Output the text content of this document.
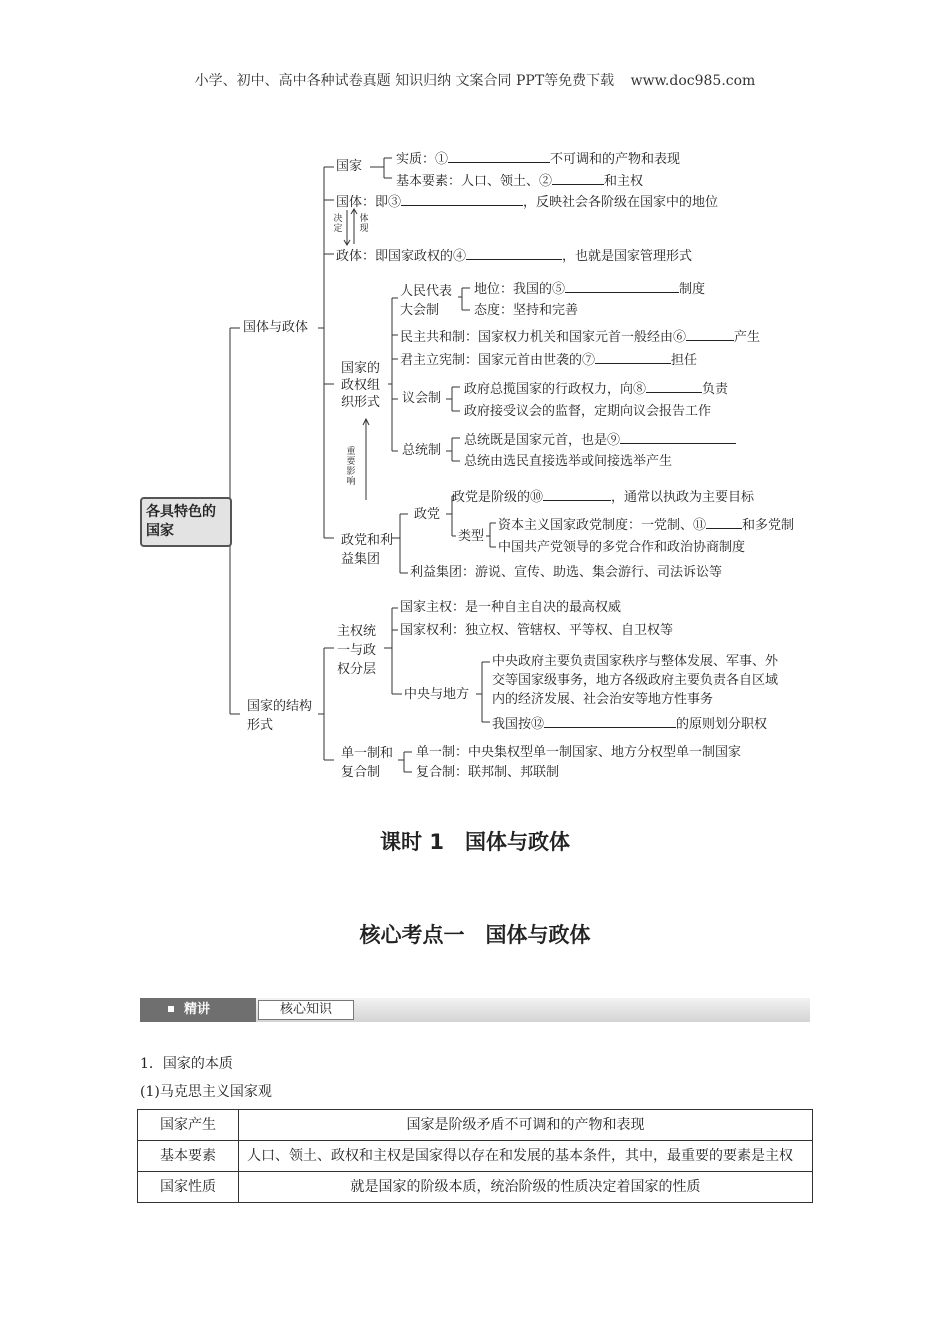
小学、初中、高中各种试卷真题 知识归纳 文案合同 PPT等免费下载 www.doc985.com
各具特色的国家
国体与政体
国家	实质：①	不可调和的产物和表现
基本要素：人口、领土、②	和主权
国体：即③	，反映社会各阶级在国家中的地位
决定
体现
政体：即国家政权的④	，也就是国家管理形式
国家的政权组织形式
人民代表大会制
地位：我国的⑤	制度
态度：坚持和完善
民主共和制：国家权力机关和国家元首一般经由⑥	产生
君主立宪制：国家元首由世袭的⑦	担任
议会制
政府总揽国家的行政权力，向⑧	负责
政府接受议会的监督，定期向议会报告工作
总统制
总统既是国家元首，也是⑨
总统由选民直接选举或间接选举产生
重要影响
政党和利益集团
政党
政党是阶级的⑩	，通常以执政为主要目标
类型
资本主义国家政党制度：一党制、⑪	和多党制
中国共产党领导的多党合作和政治协商制度
利益集团：游说、宣传、助选、集会游行、司法诉讼等
国家的结构形式
主权统一与政权分层
国家主权：是一种自主自决的最高权威
国家权利：独立权、管辖权、平等权、自卫权等
中央与地方
中央政府主要负责国家秩序与整体发展、军事、外
交等国家级事务，地方各级政府主要负责各自区域
内的经济发展、社会治安等地方性事务
我国按⑫	的原则划分职权
单一制和复合制
单一制：中央集权型单一制国家、地方分权型单一制国家
复合制：联邦制、邦联制
课时 1　国体与政体
核心考点一　国体与政体
精讲	核心知识
1．国家的本质
(1)马克思主义国家观
国家产生	国家是阶级矛盾不可调和的产物和表现
基本要素	人口、领土、政权和主权是国家得以存在和发展的基本条件，其中，最重要的要素是主权
国家性质	就是国家的阶级本质，统治阶级的性质决定着国家的性质
